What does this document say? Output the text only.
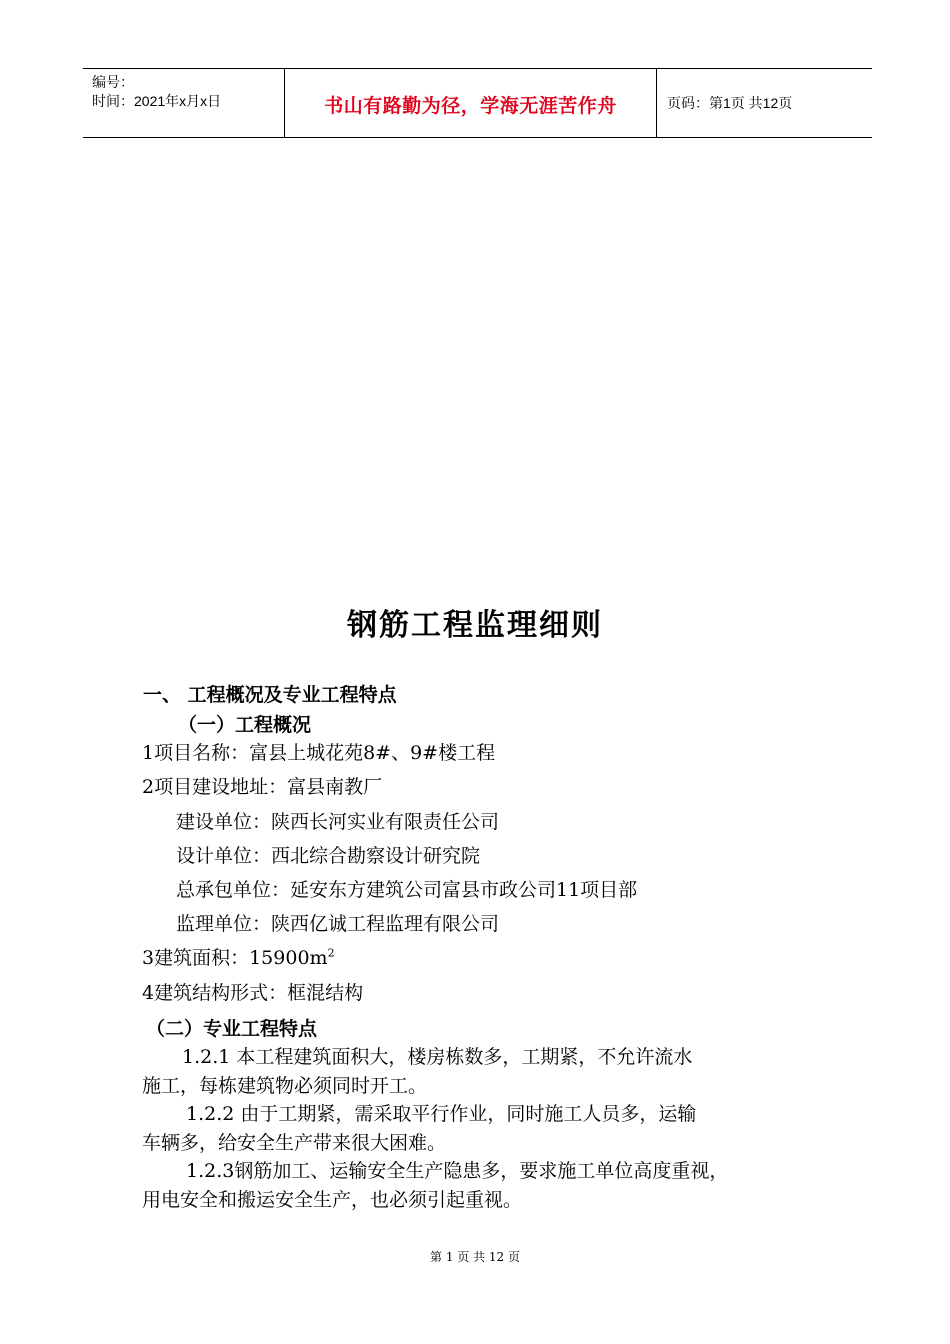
编号：
时间：2021年x月x日	书山有路勤为径，学海无涯苦作舟	页码：第1页 共12页
钢筋工程监理细则
一、 工程概况及专业工程特点
（一）工程概况
1项目名称：富县上城花苑8#、9#楼工程
2项目建设地址：富县南教厂
建设单位：陕西长河实业有限责任公司
设计单位：西北综合勘察设计研究院
总承包单位：延安东方建筑公司富县市政公司11项目部
监理单位：陕西亿诚工程监理有限公司
3建筑面积：$15900m^2$
4建筑结构形式：框混结构
（二）专业工程特点
1.2.1 本工程建筑面积大，楼房栋数多，工期紧，不允许流水
施工，每栋建筑物必须同时开工。
1.2.2 由于工期紧，需采取平行作业，同时施工人员多，运输
车辆多，给安全生产带来很大困难。
1.2.3钢筋加工、运输安全生产隐患多，要求施工单位高度重视，
用电安全和搬运安全生产，也必须引起重视。
第 1 页 共 12 页
